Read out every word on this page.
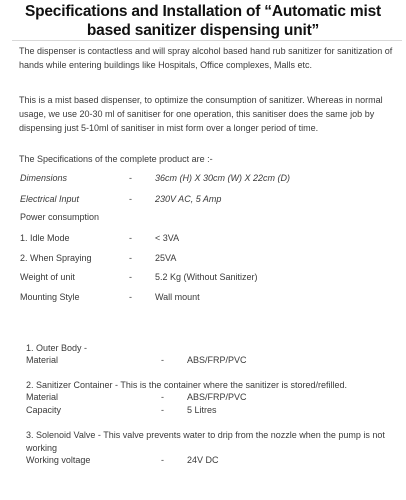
Specifications and Installation of “Automatic mist based sanitizer dispensing unit”

The dispenser is contactless and will spray alcohol based hand rub sanitizer for sanitization of hands while entering buildings like Hospitals, Office complexes, Malls etc.

This is a mist based dispenser, to optimize the consumption of sanitizer. Whereas in normal usage, we use 20-30 ml of sanitiser for one operation, this sanitiser does the same job by dispensing just 5-10ml of sanitiser in mist form over a longer period of time.

The Specifications of the complete product are :-

Dimensions	-	36cm (H) X 30cm (W) X 22cm (D)
Electrical Input	-	230V AC, 5 Amp
Power consumption
1. Idle Mode	-	< 3VA
2. When Spraying	-	25VA
Weight of unit	-	5.2 Kg (Without Sanitizer)
Mounting Style	-	Wall mount
1. Outer Body -
Material	-	ABS/FRP/PVC
2. Sanitizer Container - This is the container where the sanitizer is stored/refilled.
Material	-	ABS/FRP/PVC
Capacity	-	5 Litres
3. Solenoid Valve - This valve prevents water to drip from the nozzle when the pump is not working
Working voltage	-	24V DC
